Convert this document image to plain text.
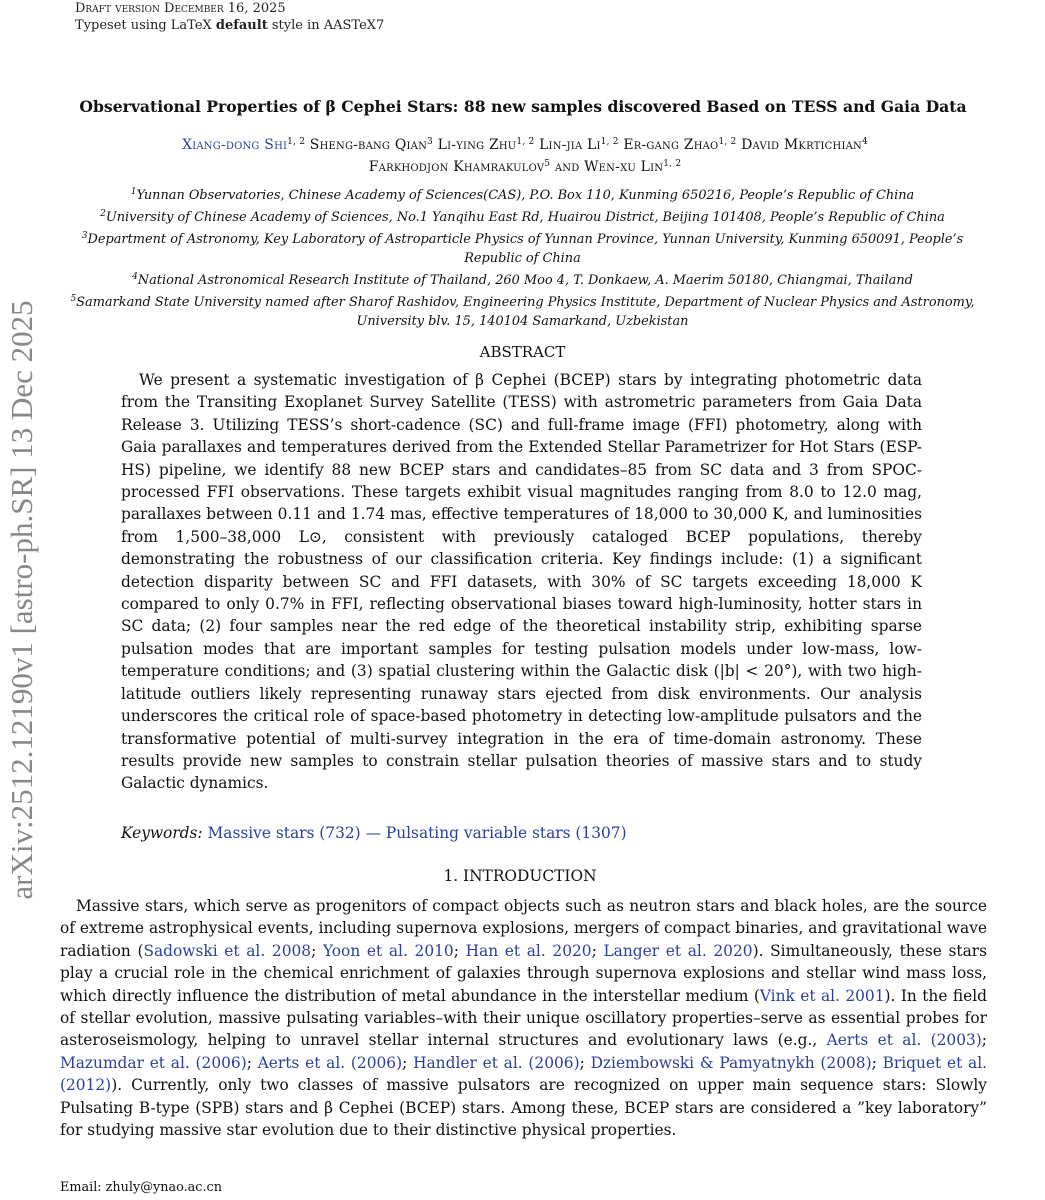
Draft version December 16, 2025
Typeset using LaTeX default style in AASTeX7
arXiv:2512.12190v1 [astro-ph.SR] 13 Dec 2025
Observational Properties of β Cephei Stars: 88 new samples discovered Based on TESS and Gaia Data
Xiang-dong Shi$^{1, 2}$ Sheng-bang Qian$^3$ Li-ying Zhu$^{1, 2}$ Lin-jia Li$^{1, 2}$ Er-gang Zhao$^{1, 2}$ David Mkrtichian$^4$
Farkhodjon Khamrakulov$^5$ and Wen-xu Lin$^{1, 2}$
$^1$Yunnan Observatories, Chinese Academy of Sciences(CAS), P.O. Box 110, Kunming 650216, People’s Republic of China
$^2$University of Chinese Academy of Sciences, No.1 Yanqihu East Rd, Huairou District, Beijing 101408, People’s Republic of China
$^3$Department of Astronomy, Key Laboratory of Astroparticle Physics of Yunnan Province, Yunnan University, Kunming 650091, People’s Republic of China
$^4$National Astronomical Research Institute of Thailand, 260 Moo 4, T. Donkaew, A. Maerim 50180, Chiangmai, Thailand
$^5$Samarkand State University named after Sharof Rashidov, Engineering Physics Institute, Department of Nuclear Physics and Astronomy, University blv. 15, 140104 Samarkand, Uzbekistan
ABSTRACT

We present a systematic investigation of β Cephei (BCEP) stars by integrating photometric data from the Transiting Exoplanet Survey Satellite (TESS) with astrometric parameters from Gaia Data Release 3. Utilizing TESS’s short-cadence (SC) and full-frame image (FFI) photometry, along with Gaia parallaxes and temperatures derived from the Extended Stellar Parametrizer for Hot Stars (ESP-HS) pipeline, we identify 88 new BCEP stars and candidates–85 from SC data and 3 from SPOC-processed FFI observations. These targets exhibit visual magnitudes ranging from 8.0 to 12.0 mag, parallaxes between 0.11 and 1.74 mas, effective temperatures of 18,000 to 30,000 K, and luminosities from 1,500–38,000 L⊙, consistent with previously cataloged BCEP populations, thereby demonstrating the robustness of our classification criteria. Key findings include: (1) a significant detection disparity between SC and FFI datasets, with 30% of SC targets exceeding 18,000 K compared to only 0.7% in FFI, reflecting observational biases toward high-luminosity, hotter stars in SC data; (2) four samples near the red edge of the theoretical instability strip, exhibiting sparse pulsation modes that are important samples for testing pulsation models under low-mass, low-temperature conditions; and (3) spatial clustering within the Galactic disk (|b| < 20°), with two high-latitude outliers likely representing runaway stars ejected from disk environments. Our analysis underscores the critical role of space-based photometry in detecting low-amplitude pulsators and the transformative potential of multi-survey integration in the era of time-domain astronomy. These results provide new samples to constrain stellar pulsation theories of massive stars and to study Galactic dynamics.

Keywords: Massive stars (732) — Pulsating variable stars (1307)
1. INTRODUCTION

Massive stars, which serve as progenitors of compact objects such as neutron stars and black holes, are the source of extreme astrophysical events, including supernova explosions, mergers of compact binaries, and gravitational wave radiation (Sadowski et al. 2008; Yoon et al. 2010; Han et al. 2020; Langer et al. 2020). Simultaneously, these stars play a crucial role in the chemical enrichment of galaxies through supernova explosions and stellar wind mass loss, which directly influence the distribution of metal abundance in the interstellar medium (Vink et al. 2001). In the field of stellar evolution, massive pulsating variables–with their unique oscillatory properties–serve as essential probes for asteroseismology, helping to unravel stellar internal structures and evolutionary laws (e.g., Aerts et al. (2003); Mazumdar et al. (2006); Aerts et al. (2006); Handler et al. (2006); Dziembowski & Pamyatnykh (2008); Briquet et al. (2012)). Currently, only two classes of massive pulsators are recognized on upper main sequence stars: Slowly Pulsating B-type (SPB) stars and β Cephei (BCEP) stars. Among these, BCEP stars are considered a ”key laboratory” for studying massive star evolution due to their distinctive physical properties.

Email: zhuly@ynao.ac.cn
